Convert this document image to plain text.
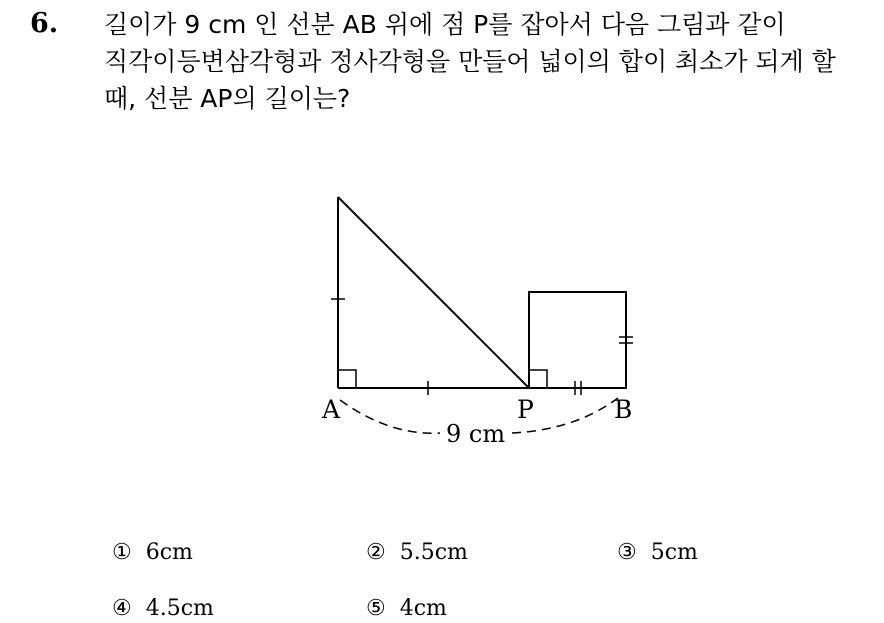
6. 길이가 9 cm 인 선분 AB 위에 점 P를 잡아서 다음 그림과 같이
직각이등변삼각형과 정사각형을 만들어 넓이의 합이 최소가 되게 할
때, 선분 AP의 길이는?
A	P	B
9 cm
① 6cm	② 5.5cm	③ 5cm
④ 4.5cm	⑤ 4cm
